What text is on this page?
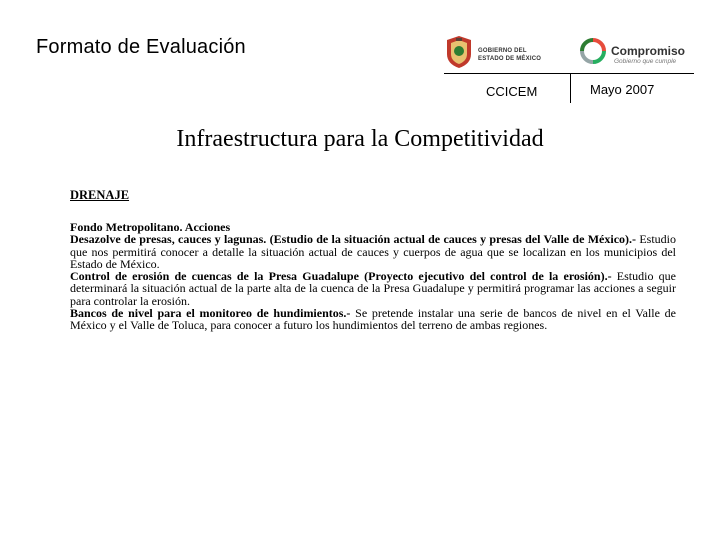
Formato de Evaluación	GOBIERNO DEL
ESTADO DE MÉXICO
Compromiso
Gobierno que cumple
CCICEM	Mayo 2007
Infraestructura para la Competitividad
DRENAJE

Fondo Metropolitano. Acciones

Desazolve de presas, cauces y lagunas. (Estudio de la situación actual de cauces y presas del Valle de México).- Estudio que nos permitirá conocer a detalle la situación actual de cauces y cuerpos de agua que se localizan en los municipios del Estado de México.

Control de erosión de cuencas de la Presa Guadalupe (Proyecto ejecutivo del control de la erosión).- Estudio que determinará la situación actual de la parte alta de la cuenca de la Presa Guadalupe y permitirá programar las acciones a seguir para controlar la erosión.

Bancos de nivel para el monitoreo de hundimientos.- Se pretende instalar una serie de bancos de nivel en el Valle de México y el Valle de Toluca, para conocer a futuro los hundimientos del terreno de ambas regiones.
